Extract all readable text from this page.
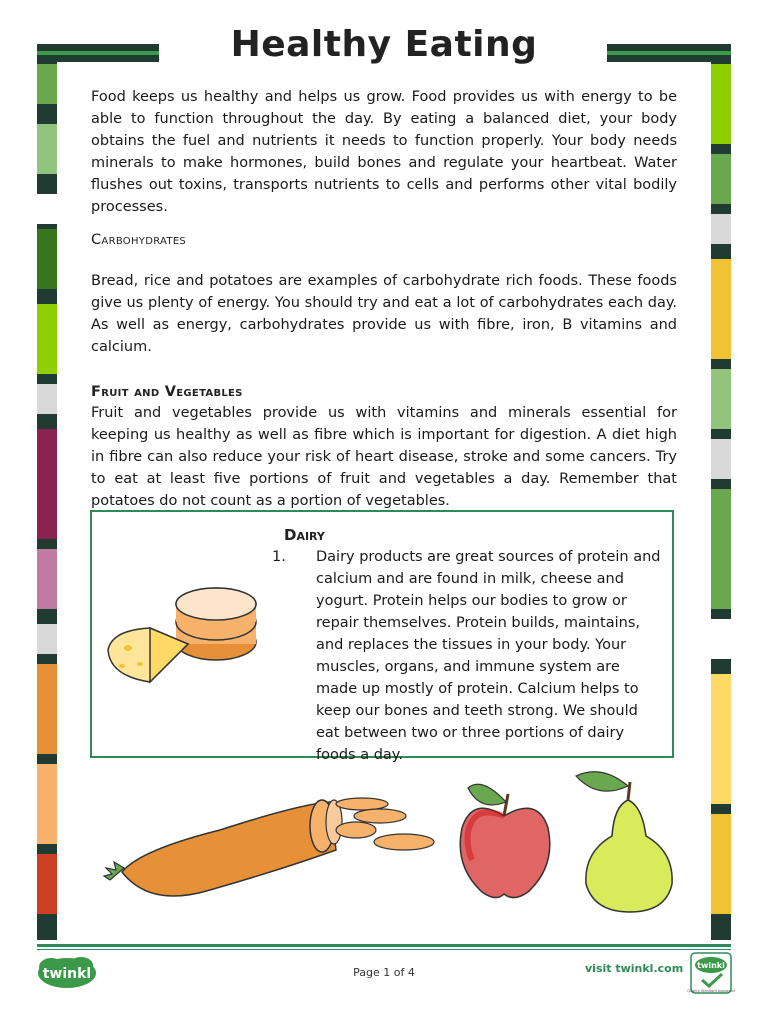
Healthy Eating

Food keeps us healthy and helps us grow. Food provides us with energy to be able to function throughout the day. By eating a balanced diet, your body obtains the fuel and nutrients it needs to function properly. Your body needs minerals to make hormones, build bones and regulate your heartbeat. Water flushes out toxins, transports nutrients to cells and performs other vital bodily processes.

Carbohydrates

Bread, rice and potatoes are examples of carbohydrate rich foods. These foods give us plenty of energy. You should try and eat a lot of carbohydrates each day. As well as energy, carbohydrates provide us with fibre, iron, B vitamins and calcium.

Fruit and Vegetables

Fruit and vegetables provide us with vitamins and minerals essential for keeping us healthy as well as fibre which is important for digestion. A diet high in fibre can also reduce your risk of heart disease, stroke and some cancers. Try to eat at least five portions of fruit and vegetables a day. Remember that potatoes do not count as a portion of vegetables.

Dairy
1. Dairy products are great sources of protein and calcium and are found in milk, cheese and yogurt. Protein helps our bodies to grow or repair themselves. Protein builds, maintains, and replaces the tissues in your body. Your muscles, organs, and immune system are made up mostly of protein. Calcium helps to keep our bones and teeth strong. We should eat between two or three portions of dairy foods a day.
twinkl	Page 1 of 4	visit twinkl.com twinkl
Quality Standard Approved
